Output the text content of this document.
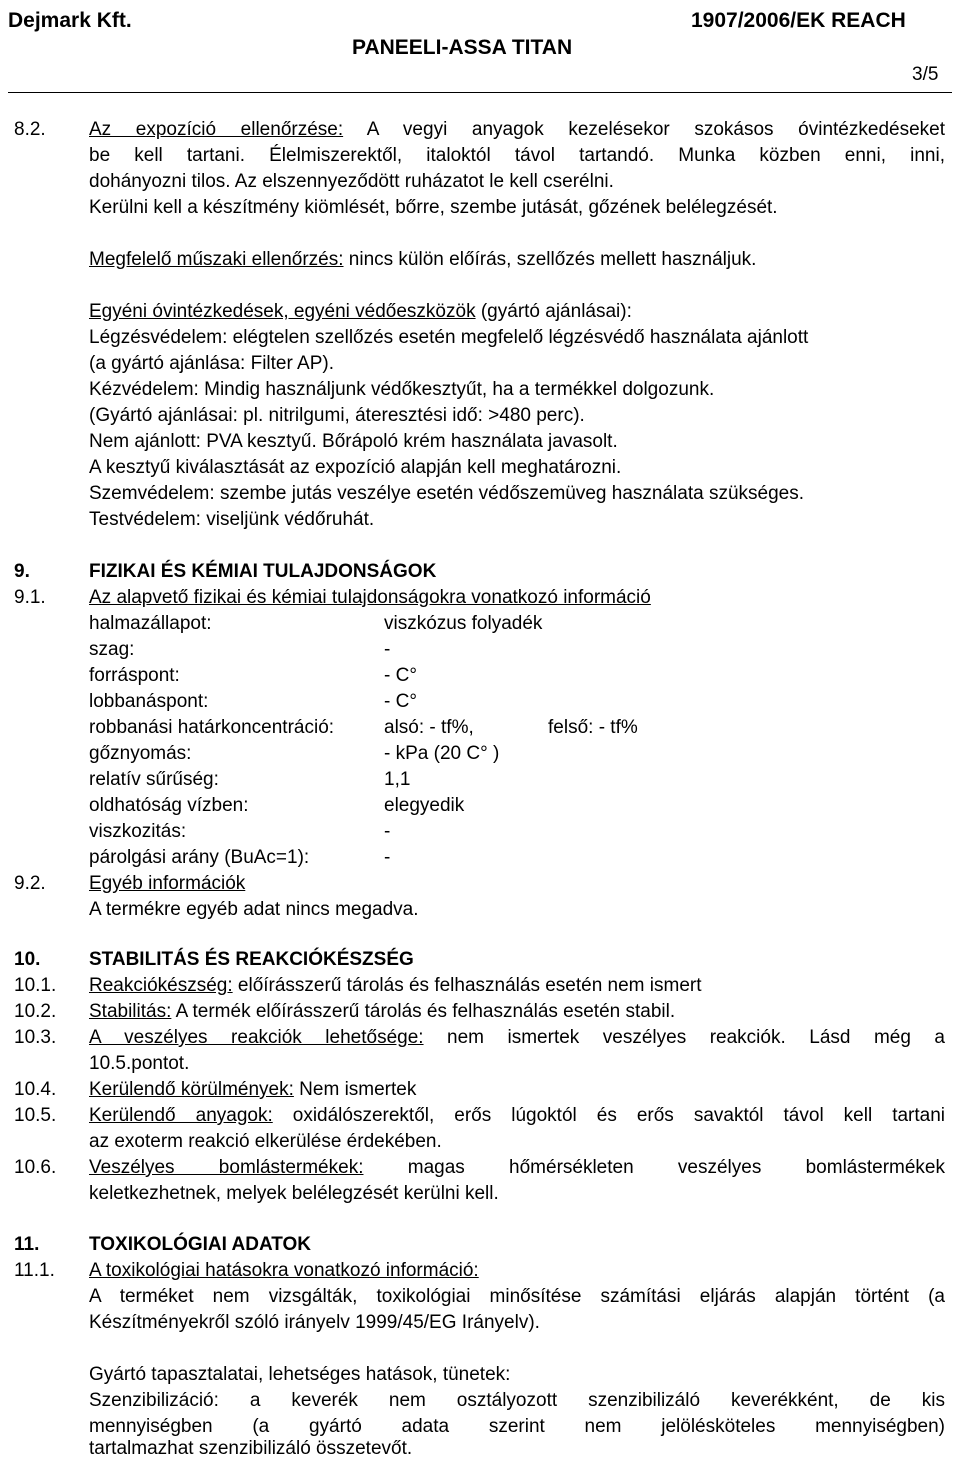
Dejmark Kft.	1907/2006/EK REACH
PANEELI-ASSA TITAN
3/5
8.2. Az expozíció ellenőrzése: A vegyi anyagok kezelésekor szokásos óvintézkedéseket
be kell tartani. Élelmiszerektől, italoktól távol tartandó. Munka közben enni, inni,
dohányozni tilos. Az elszennyeződött ruházatot le kell cserélni.
Kerülni kell a készítmény kiömlését, bőrre, szembe jutását, gőzének belélegzését.
Megfelelő műszaki ellenőrzés: nincs külön előírás, szellőzés mellett használjuk.
Egyéni óvintézkedések, egyéni védőeszközök (gyártó ajánlásai):
Légzésvédelem: elégtelen szellőzés esetén megfelelő légzésvédő használata ajánlott
(a gyártó ajánlása: Filter AP).
Kézvédelem: Mindig használjunk védőkesztyűt, ha a termékkel dolgozunk.
(Gyártó ajánlásai: pl. nitrilgumi, áteresztési idő: >480 perc).
Nem ajánlott: PVA kesztyű. Bőrápoló krém használata javasolt.
A kesztyű kiválasztását az expozíció alapján kell meghatározni.
Szemvédelem: szembe jutás veszélye esetén védőszemüveg használata szükséges.
Testvédelem: viseljünk védőruhát.
9.	FIZIKAI ÉS KÉMIAI TULAJDONSÁGOK
9.1. Az alapvető fizikai és kémiai tulajdonságokra vonatkozó információ
halmazállapot:	viszkózus folyadék
szag:	-
forráspont:	- C°
lobbanáspont:	- C°
robbanási határkoncentráció:	alsó: - tf%,	felső: - tf%
gőznyomás:	- kPa (20 C° )
relatív sűrűség:	1,1
oldhatóság vízben:	elegyedik
viszkozitás:	-
párolgási arány (BuAc=1):	-
9.2. Egyéb információk
A termékre egyéb adat nincs megadva.
10.	STABILITÁS ÉS REAKCIÓKÉSZSÉG
10.1. Reakciókészség: előírásszerű tárolás és felhasználás esetén nem ismert
10.2. Stabilitás: A termék előírásszerű tárolás és felhasználás esetén stabil.
10.3. A veszélyes reakciók lehetősége: nem ismertek veszélyes reakciók. Lásd még a
10.5.pontot.
10.4. Kerülendő körülmények: Nem ismertek
10.5. Kerülendő anyagok: oxidálószerektől, erős lúgoktól és erős savaktól távol kell tartani
az exoterm reakció elkerülése érdekében.
10.6. Veszélyes bomlástermékek: magas hőmérsékleten veszélyes bomlástermékek
keletkezhetnek, melyek belélegzését kerülni kell.
11.	TOXIKOLÓGIAI ADATOK
11.1. A toxikológiai hatásokra vonatkozó információ:
A terméket nem vizsgálták, toxikológiai minősítése számítási eljárás alapján történt (a
Készítményekről szóló irányelv 1999/45/EG Irányelv).
Gyártó tapasztalatai, lehetséges hatások, tünetek:
Szenzibilizáció: a keverék nem osztályozott szenzibilizáló keverékként, de kis
mennyiségben (a gyártó adata szerint nem jelölésköteles mennyiségben)
tartalmazhat szenzibilizáló összetevőt.
